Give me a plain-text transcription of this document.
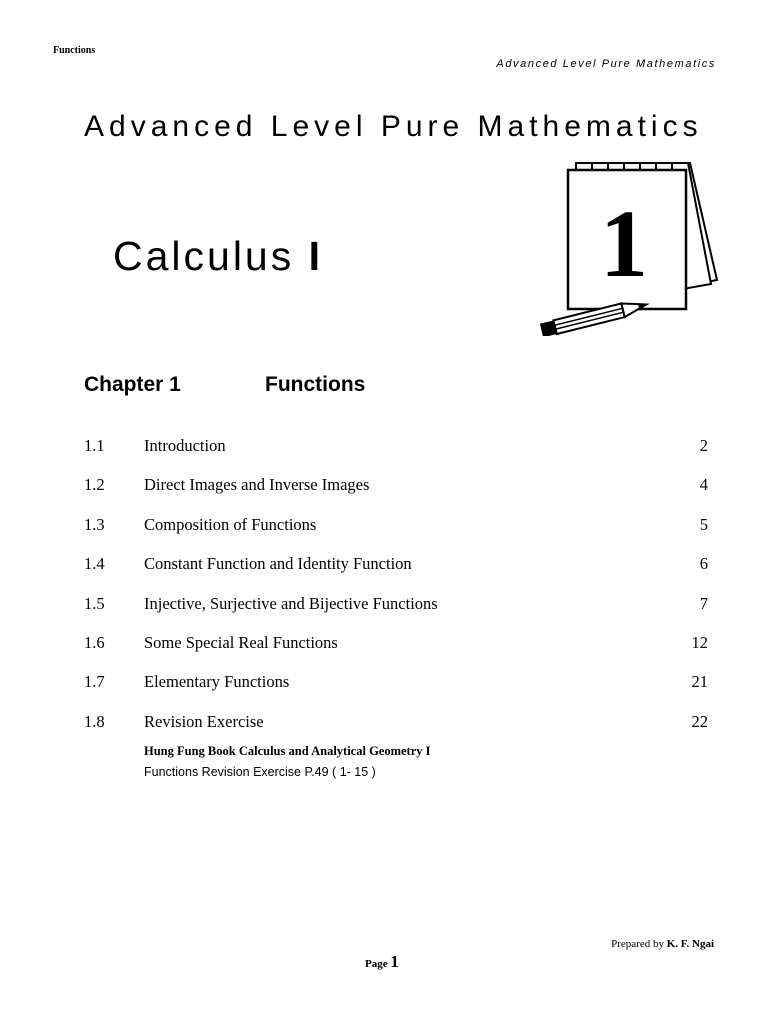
Functions
Advanced Level Pure Mathematics
Advanced Level Pure Mathematics
Calculus I	1
Chapter 1	Functions
1.1 Introduction	2
1.2 Direct Images and Inverse Images	4
1.3 Composition of Functions	5
1.4 Constant Function and Identity Function	6
1.5 Injective, Surjective and Bijective Functions	7
1.6 Some Special Real Functions	12
1.7 Elementary Functions	21
1.8 Revision Exercise	22
Hung Fung Book Calculus and Analytical Geometry I
Functions Revision Exercise P.49 ( 1- 15 )
Prepared by K. F. Ngai
Page 1
